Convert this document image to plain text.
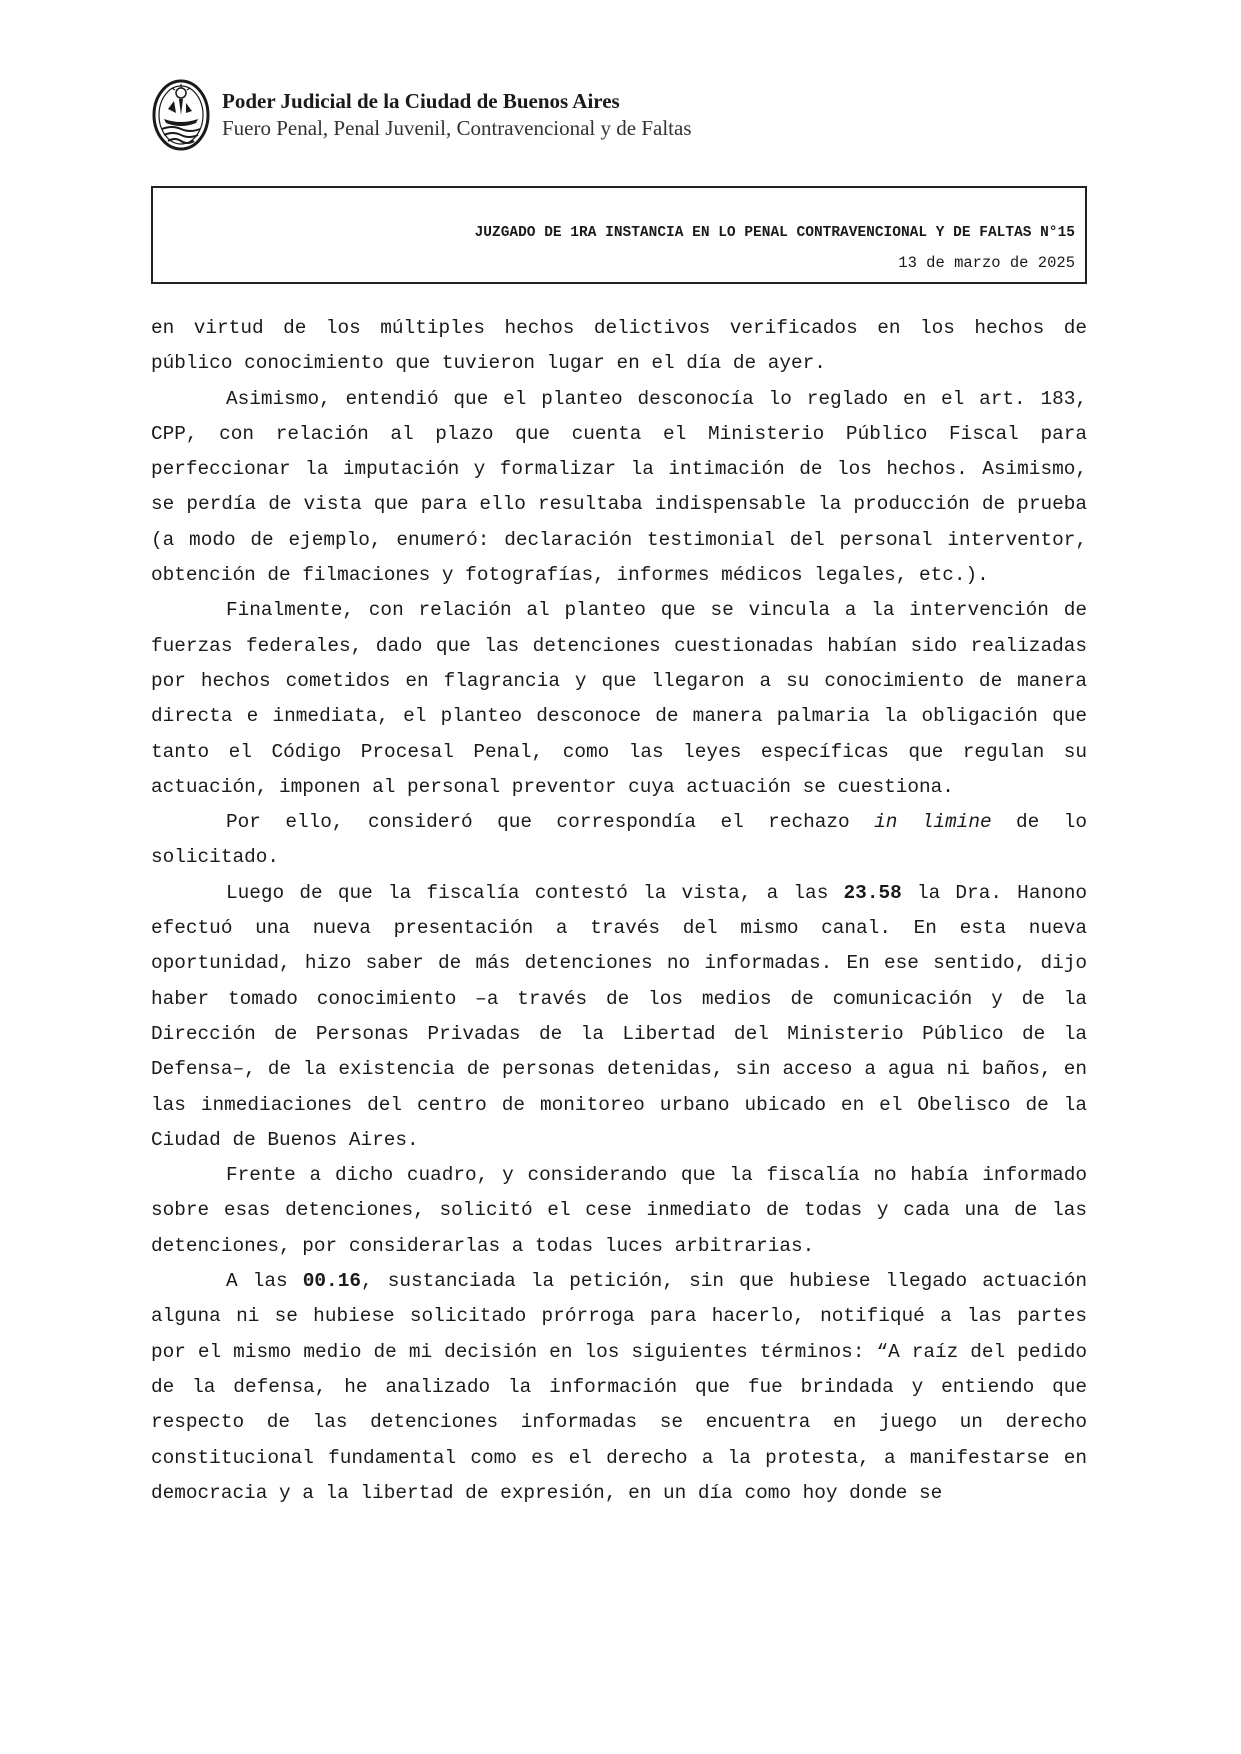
Poder Judicial de la Ciudad de Buenos Aires
Fuero Penal, Penal Juvenil, Contravencional y de Faltas
JUZGADO DE 1RA INSTANCIA EN LO PENAL CONTRAVENCIONAL Y DE FALTAS N°15
13 de marzo de 2025

en virtud de los múltiples hechos delictivos verificados en los hechos de público conocimiento que tuvieron lugar en el día de ayer.

Asimismo, entendió que el planteo desconocía lo reglado en el art. 183, CPP, con relación al plazo que cuenta el Ministerio Público Fiscal para perfeccionar la imputación y formalizar la intimación de los hechos. Asimismo, se perdía de vista que para ello resultaba indispensable la producción de prueba (a modo de ejemplo, enumeró: declaración testimonial del personal interventor, obtención de filmaciones y fotografías, informes médicos legales, etc.).

Finalmente, con relación al planteo que se vincula a la intervención de fuerzas federales, dado que las detenciones cuestionadas habían sido realizadas por hechos cometidos en flagrancia y que llegaron a su conocimiento de manera directa e inmediata, el planteo desconoce de manera palmaria la obligación que tanto el Código Procesal Penal, como las leyes específicas que regulan su actuación, imponen al personal preventor cuya actuación se cuestiona.

Por ello, consideró que correspondía el rechazo in limine de lo solicitado.

Luego de que la fiscalía contestó la vista, a las 23.58 la Dra. Hanono efectuó una nueva presentación a través del mismo canal. En esta nueva oportunidad, hizo saber de más detenciones no informadas. En ese sentido, dijo haber tomado conocimiento –a través de los medios de comunicación y de la Dirección de Personas Privadas de la Libertad del Ministerio Público de la Defensa–, de la existencia de personas detenidas, sin acceso a agua ni baños, en las inmediaciones del centro de monitoreo urbano ubicado en el Obelisco de la Ciudad de Buenos Aires.

Frente a dicho cuadro, y considerando que la fiscalía no había informado sobre esas detenciones, solicitó el cese inmediato de todas y cada una de las detenciones, por considerarlas a todas luces arbitrarias.

A las 00.16, sustanciada la petición, sin que hubiese llegado actuación alguna ni se hubiese solicitado prórroga para hacerlo, notifiqué a las partes por el mismo medio de mi decisión en los siguientes términos: “A raíz del pedido de la defensa, he analizado la información que fue brindada y entiendo que respecto de las detenciones informadas se encuentra en juego un derecho constitucional fundamental como es el derecho a la protesta, a manifestarse en democracia y a la libertad de expresión, en un día como hoy donde se
